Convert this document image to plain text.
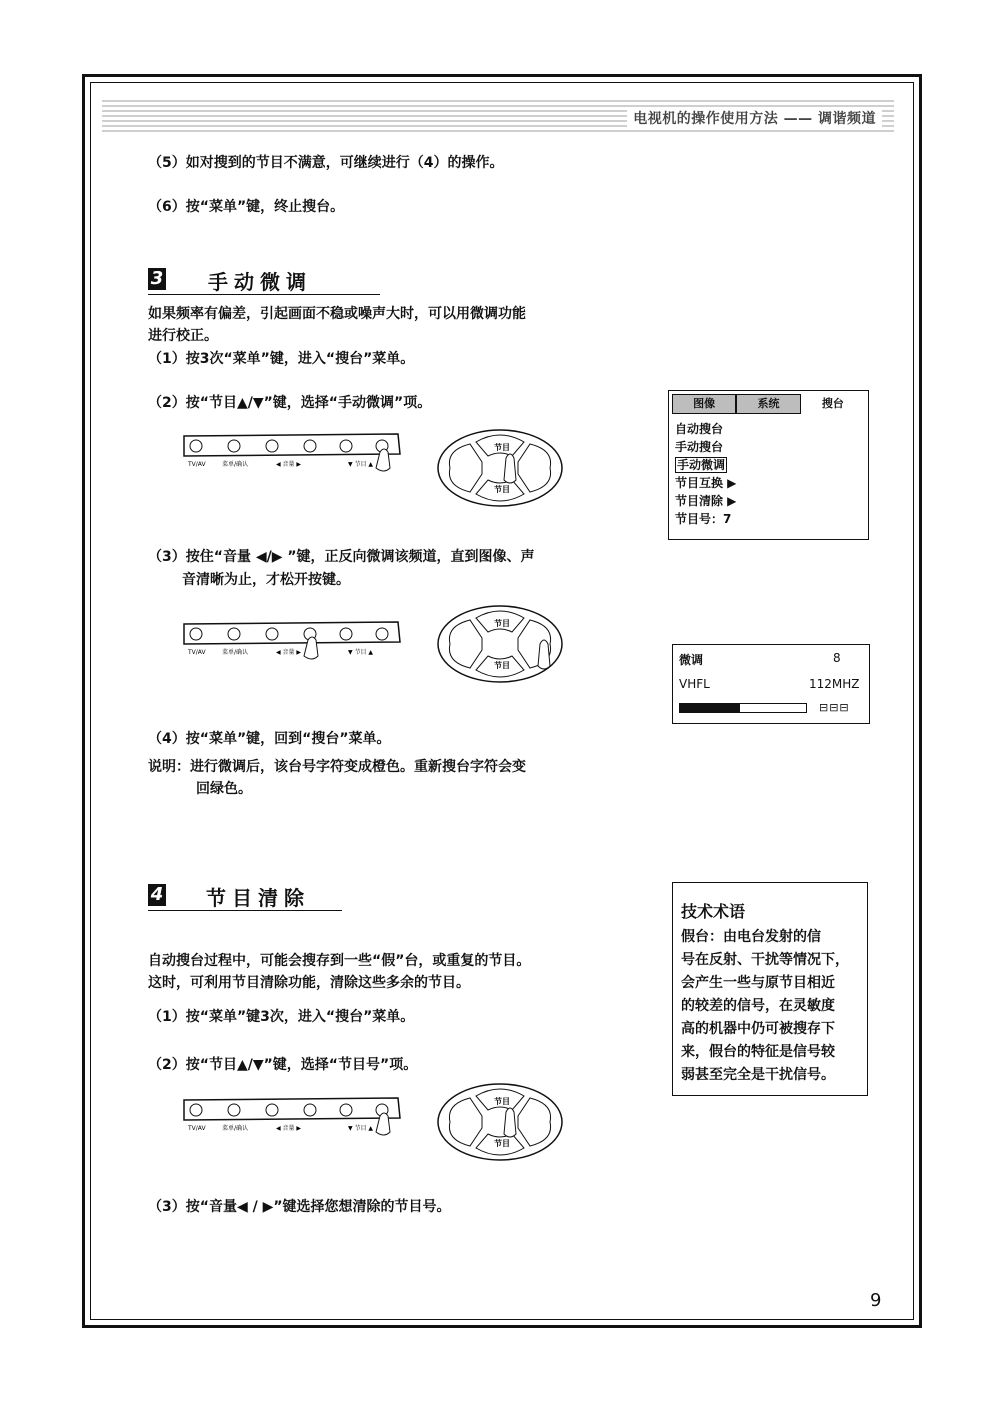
电视机的操作使用方法 —— 调谐频道
（5）如对搜到的节目不满意，可继续进行（4）的操作。
（6）按“菜单”键，终止搜台。
3 手动微调
如果频率有偏差，引起画面不稳或噪声大时，可以用微调功能
进行校正。
（1）按3次“菜单”键，进入“搜台”菜单。
（2）按“节目▲/▼”键，选择“手动微调”项。
TV/AV	菜单/确认	◀ 音量 ▶	▼ 节目 ▲
节目
节目
（3）按住“音量 ◀/▶ ”键，正反向微调该频道，直到图像、声
音清晰为止，才松开按键。
TV/AV	菜单/确认	◀ 音量 ▶	▼ 节目 ▲
节目
节目
（4）按“菜单”键，回到“搜台”菜单。
说明：进行微调后，该台号字符变成橙色。重新搜台字符会变
回绿色。
图像	系统	搜台
自动搜台
手动搜台
手动微调
节目互换 ▶
节目清除 ▶
节目号：7
微调	8
VHFL	112MHZ
⊟⊟⊟
4 节目清除
自动搜台过程中，可能会搜存到一些“假”台，或重复的节目。
这时，可利用节目清除功能，清除这些多余的节目。
（1）按“菜单”键3次，进入“搜台”菜单。
（2）按“节目▲/▼”键，选择“节目号”项。
TV/AV	菜单/确认	◀ 音量 ▶	▼ 节目 ▲
节目
节目
（3）按“音量◀ / ▶”键选择您想清除的节目号。
技术术语
假台：由电台发射的信
号在反射、干扰等情况下，
会产生一些与原节目相近
的较差的信号，在灵敏度
高的机器中仍可被搜存下
来，假台的特征是信号较
弱甚至完全是干扰信号。
9
